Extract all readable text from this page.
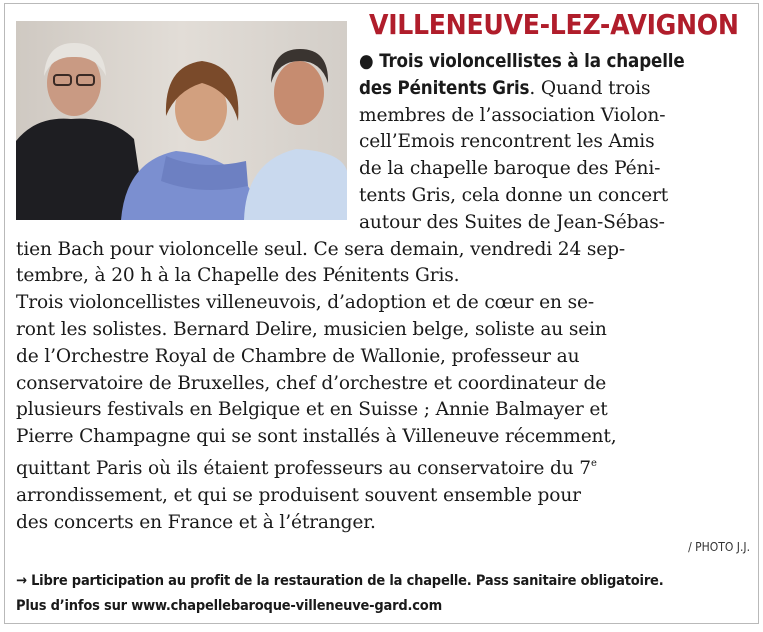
VILLENEUVE-LEZ-AVIGNON
● Trois violoncellistes à la chapelle
des Pénitents Gris. Quand trois
membres de l’association Violon-
cell’Emois rencontrent les Amis
de la chapelle baroque des Péni-
tents Gris, cela donne un concert
autour des Suites de Jean-Sébas-
tien Bach pour violoncelle seul. Ce sera demain, vendredi 24 sep-
tembre, à 20 h à la Chapelle des Pénitents Gris.
Trois violoncellistes villeneuvois, d’adoption et de cœur en se-
ront les solistes. Bernard Delire, musicien belge, soliste au sein
de l’Orchestre Royal de Chambre de Wallonie, professeur au
conservatoire de Bruxelles, chef d’orchestre et coordinateur de
plusieurs festivals en Belgique et en Suisse ; Annie Balmayer et
Pierre Champagne qui se sont installés à Villeneuve récemment,
quittant Paris où ils étaient professeurs au conservatoire du 7e
arrondissement, et qui se produisent souvent ensemble pour
des concerts en France et à l’étranger.
/ PHOTO J.J.
→ Libre participation au profit de la restauration de la chapelle. Pass sanitaire obligatoire.
Plus d’infos sur www.chapellebaroque-villeneuve-gard.com
